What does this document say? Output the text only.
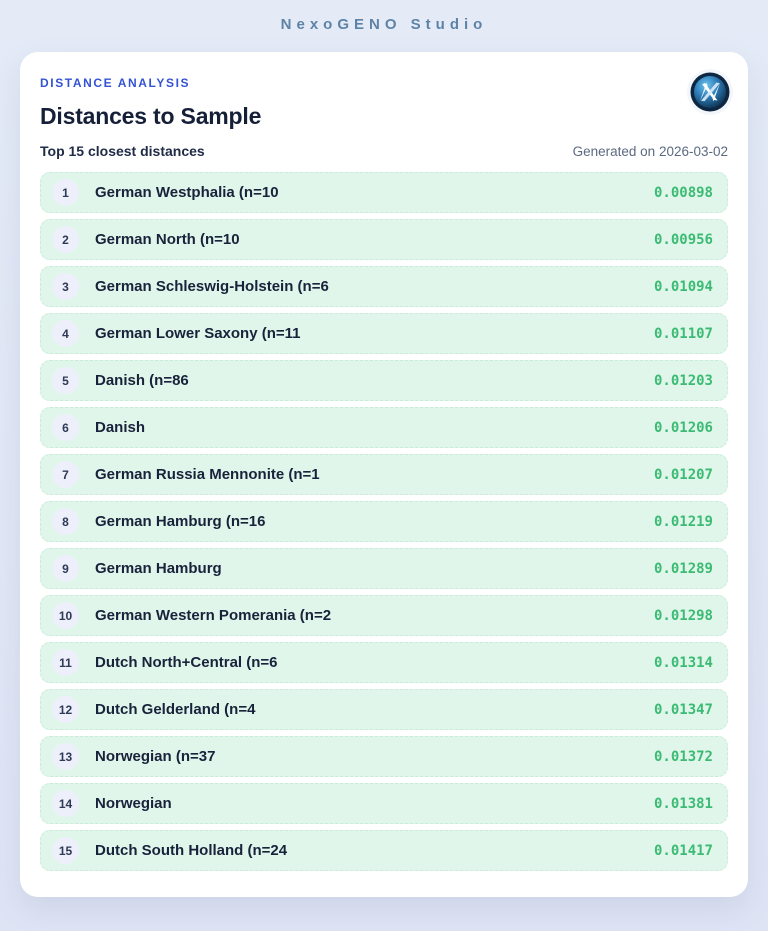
NexoGENO Studio
DISTANCE ANALYSIS
Distances to Sample
Top 15 closest distances	Generated on 2026-03-02
1	German Westphalia (n=10	0.00898
2	German North (n=10	0.00956
3	German Schleswig-Holstein (n=6	0.01094
4	German Lower Saxony (n=11	0.01107
5	Danish (n=86	0.01203
6	Danish	0.01206
7	German Russia Mennonite (n=1	0.01207
8	German Hamburg (n=16	0.01219
9	German Hamburg	0.01289
10	German Western Pomerania (n=2	0.01298
11	Dutch North+Central (n=6	0.01314
12	Dutch Gelderland (n=4	0.01347
13	Norwegian (n=37	0.01372
14	Norwegian	0.01381
15	Dutch South Holland (n=24	0.01417
